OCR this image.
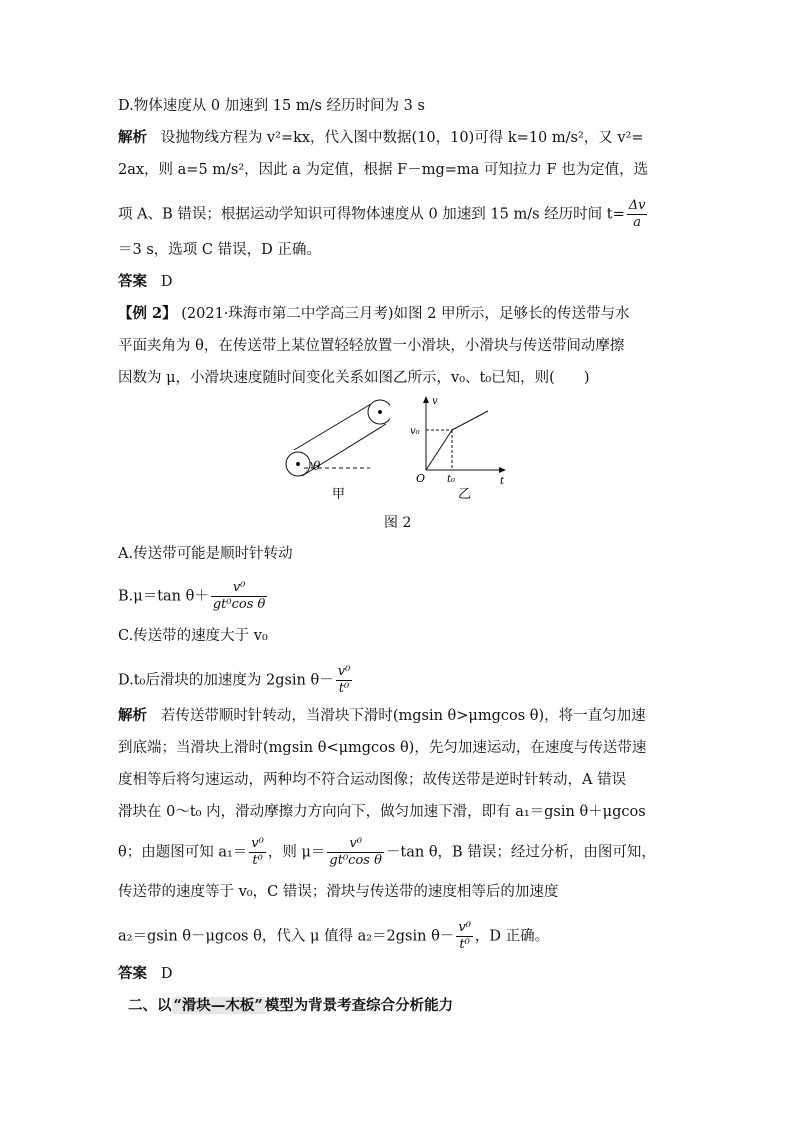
D.物体速度从 0 加速到 15 m/s 经历时间为 3 s
解析 设抛物线方程为 v²=kx，代入图中数据(10，10)可得 k=10 m/s²，又 v²=
2ax，则 a=5 m/s²，因此 a 为定值，根据 F－mg=ma 可知拉力 F 也为定值，选
项 A、B 错误；根据运动学知识可得物体速度从 0 加速到 15 m/s 经历时间 $t= \frac{\Delta v}{a}$
＝3 s，选项 C 错误，D 正确。
答案 D
【例 2】 (2021·珠海市第二中学高三月考)如图 2 甲所示，足够长的传送带与水
平面夹角为 θ，在传送带上某位置轻轻放置一小滑块，小滑块与传送带间动摩擦
因数为 μ，小滑块速度随时间变化关系如图乙所示，v₀、t₀已知，则(　　)
θ
甲
v
t
O
v₀
t₀
乙
图 2
A.传送带可能是顺时针转动
B.μ＝tan $\theta+ \frac{\text{v⁰}}{\text{gt⁰cos θ}}$
C.传送带的速度大于 v₀
D.t₀后滑块的加速度为 2gsin $\theta- \frac{\text{v⁰}}{\text{t⁰}}$
解析 若传送带顺时针转动，当滑块下滑时(mgsin θ>μmgcos θ)，将一直匀加速
到底端；当滑块上滑时(mgsin θ<μmgcos θ)，先匀加速运动，在速度与传送带速
度相等后将匀速运动，两种均不符合运动图像；故传送带是逆时针转动，A 错误
滑块在 0～t₀ 内，滑动摩擦力方向向下，做匀加速下滑，即有 a₁＝gsin θ＋μgcos
θ；由题图可知 $a_1= \frac{\text{v⁰}}{\text{t⁰}}$ ，则 $\mu= \frac{\text{v⁰}}{\text{gt⁰cos θ}} -\tan$ θ，B 错误；经过分析，由图可知，
传送带的速度等于 v₀，C 错误；滑块与传送带的速度相等后的加速度
a₂＝gsin θ－μgcos θ，代入 μ 值得 a₂＝2gsin $\theta- \frac{\text{v⁰}}{\text{t⁰}}$ ，D 正确。
答案 D
二、以 “滑块—木板” 模型为背景考查综合分析能力
